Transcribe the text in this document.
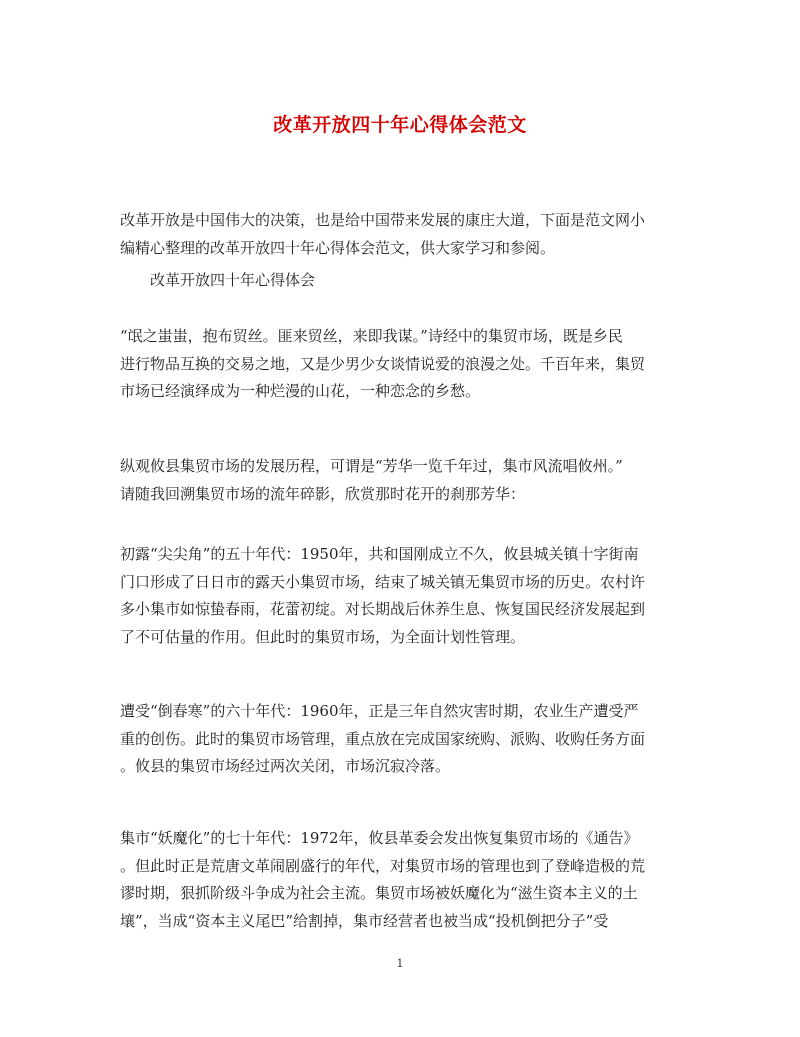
改革开放四十年心得体会范文

改革开放是中国伟大的决策，也是给中国带来发展的康庄大道，下面是范文网小
编精心整理的改革开放四十年心得体会范文，供大家学习和参阅。

改革开放四十年心得体会

“氓之蚩蚩，抱布贸丝。匪来贸丝，来即我谋。”诗经中的集贸市场，既是乡民
进行物品互换的交易之地，又是少男少女谈情说爱的浪漫之处。千百年来，集贸
市场已经演绎成为一种烂漫的山花，一种恋念的乡愁。

纵观攸县集贸市场的发展历程，可谓是“芳华一览千年过，集市风流唱攸州。”
请随我回溯集贸市场的流年碎影，欣赏那时花开的刹那芳华：

初露“尖尖角”的五十年代：1950年，共和国刚成立不久，攸县城关镇十字街南
门口形成了日日市的露天小集贸市场，结束了城关镇无集贸市场的历史。农村许
多小集市如惊蛰春雨，花蕾初绽。对长期战后休养生息、恢复国民经济发展起到
了不可估量的作用。但此时的集贸市场，为全面计划性管理。

遭受“倒春寒”的六十年代：1960年，正是三年自然灾害时期，农业生产遭受严
重的创伤。此时的集贸市场管理，重点放在完成国家统购、派购、收购任务方面
。攸县的集贸市场经过两次关闭，市场沉寂冷落。

集市“妖魔化”的七十年代：1972年，攸县革委会发出恢复集贸市场的《通告》
。但此时正是荒唐文革闹剧盛行的年代，对集贸市场的管理也到了登峰造极的荒
谬时期，狠抓阶级斗争成为社会主流。集贸市场被妖魔化为“滋生资本主义的土
壤”，当成“资本主义尾巴”给割掉，集市经营者也被当成“投机倒把分子”受

1
